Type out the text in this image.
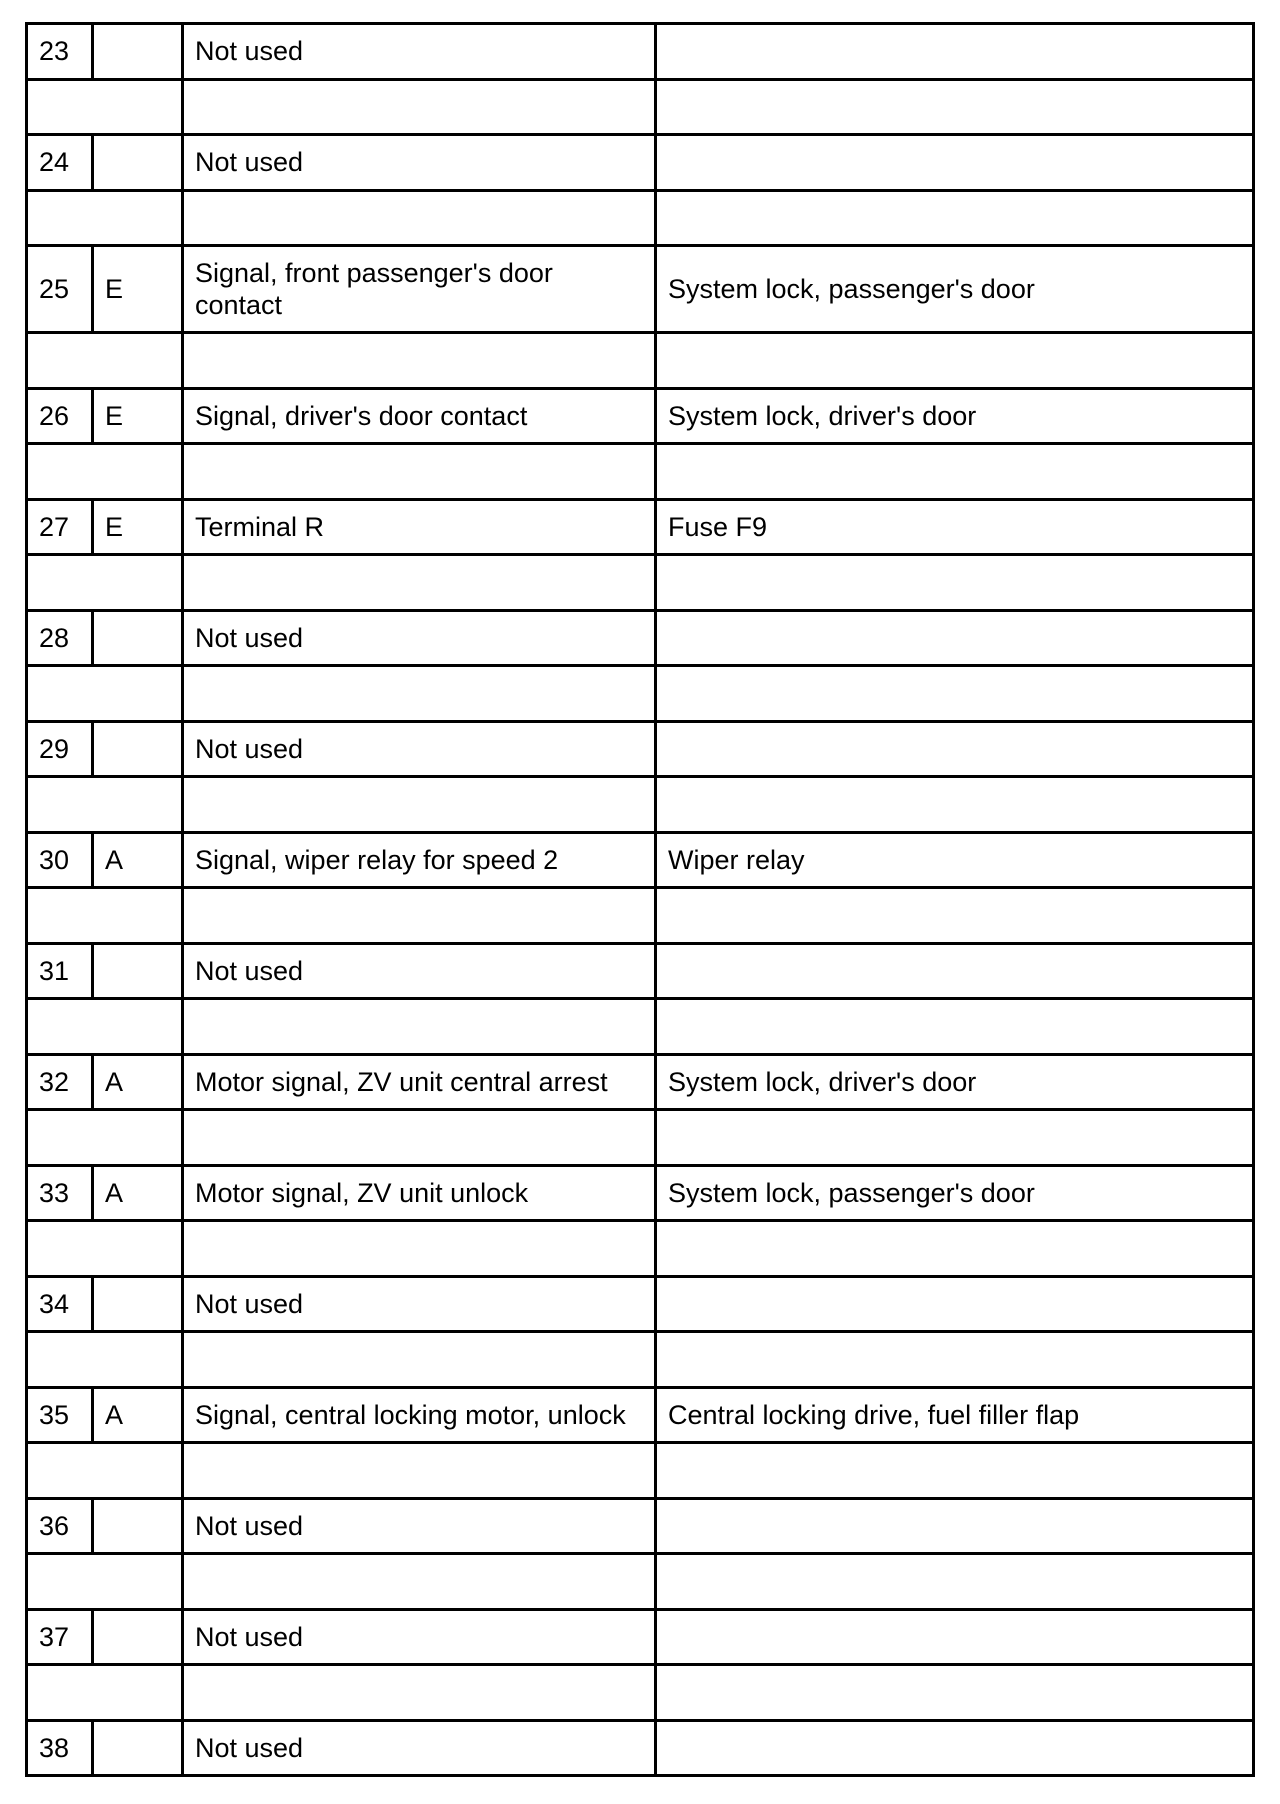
23		Not used	

24		Not used	

25	E	Signal, front passenger's door contact	System lock, passenger's door

26	E	Signal, driver's door contact	System lock, driver's door

27	E	Terminal R	Fuse F9

28		Not used	

29		Not used	

30	A	Signal, wiper relay for speed 2	Wiper relay

31		Not used	

32	A	Motor signal, ZV unit central arrest	System lock, driver's door

33	A	Motor signal, ZV unit unlock	System lock, passenger's door

34		Not used	

35	A	Signal, central locking motor, unlock	Central locking drive, fuel filler flap

36		Not used	

37		Not used	

38		Not used	
